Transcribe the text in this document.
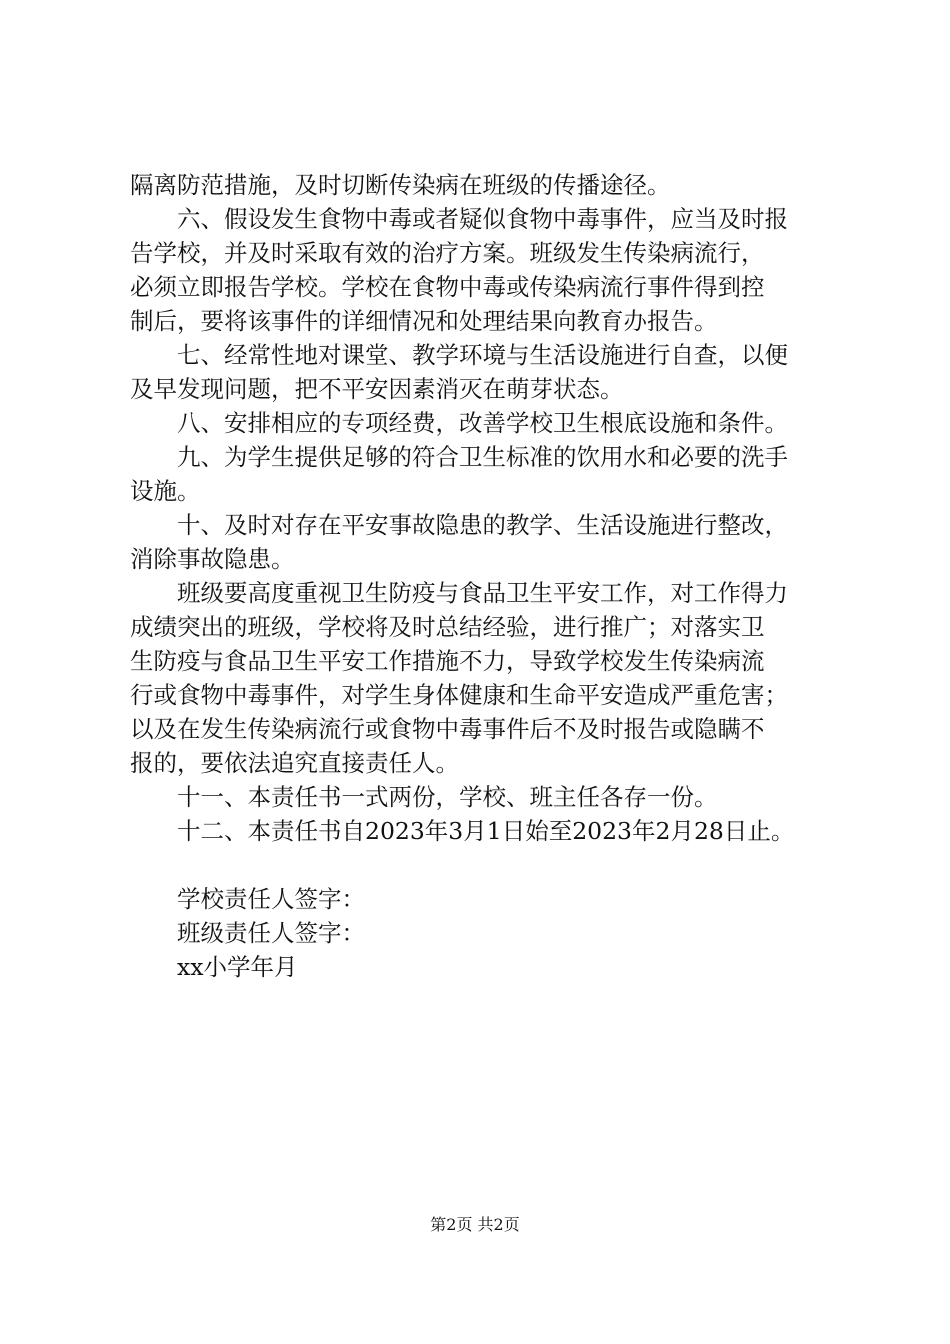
隔离防范措施，及时切断传染病在班级的传播途径。
六、假设发生食物中毒或者疑似食物中毒事件，应当及时报
告学校，并及时采取有效的治疗方案。班级发生传染病流行，
必须立即报告学校。学校在食物中毒或传染病流行事件得到控
制后，要将该事件的详细情况和处理结果向教育办报告。
七、经常性地对课堂、教学环境与生活设施进行自查，以便
及早发现问题，把不平安因素消灭在萌芽状态。
八、安排相应的专项经费，改善学校卫生根底设施和条件。
九、为学生提供足够的符合卫生标准的饮用水和必要的洗手
设施。
十、及时对存在平安事故隐患的教学、生活设施进行整改，
消除事故隐患。
班级要高度重视卫生防疫与食品卫生平安工作，对工作得力
成绩突出的班级，学校将及时总结经验，进行推广；对落实卫
生防疫与食品卫生平安工作措施不力，导致学校发生传染病流
行或食物中毒事件，对学生身体健康和生命平安造成严重危害；
以及在发生传染病流行或食物中毒事件后不及时报告或隐瞒不
报的，要依法追究直接责任人。
十一、本责任书一式两份，学校、班主任各存一份。
十二、本责任书自2023年3月1日始至2023年2月28日止。
学校责任人签字：
班级责任人签字：
xx小学年月
第2页 共2页
